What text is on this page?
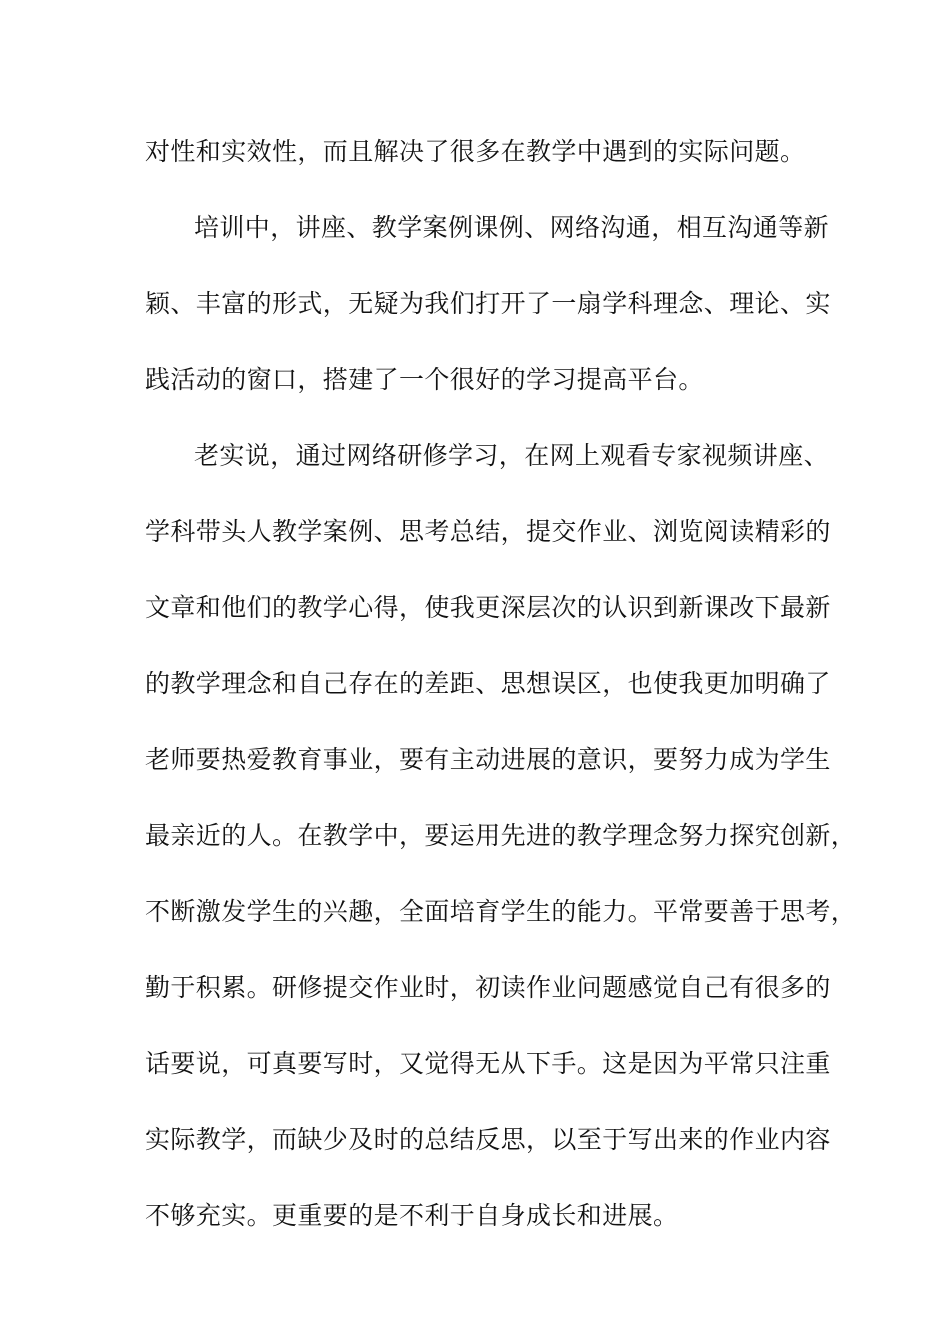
对性和实效性，而且解决了很多在教学中遇到的实际问题。
培训中，讲座、教学案例课例、网络沟通，相互沟通等新
颖、丰富的形式，无疑为我们打开了一扇学科理念、理论、实
践活动的窗口，搭建了一个很好的学习提高平台。
老实说，通过网络研修学习，在网上观看专家视频讲座、
学科带头人教学案例、思考总结，提交作业、浏览阅读精彩的
文章和他们的教学心得，使我更深层次的认识到新课改下最新
的教学理念和自己存在的差距、思想误区，也使我更加明确了
老师要热爱教育事业，要有主动进展的意识，要努力成为学生
最亲近的人。在教学中，要运用先进的教学理念努力探究创新，
不断激发学生的兴趣，全面培育学生的能力。平常要善于思考，
勤于积累。研修提交作业时，初读作业问题感觉自己有很多的
话要说，可真要写时，又觉得无从下手。这是因为平常只注重
实际教学，而缺少及时的总结反思，以至于写出来的作业内容
不够充实。更重要的是不利于自身成长和进展。
